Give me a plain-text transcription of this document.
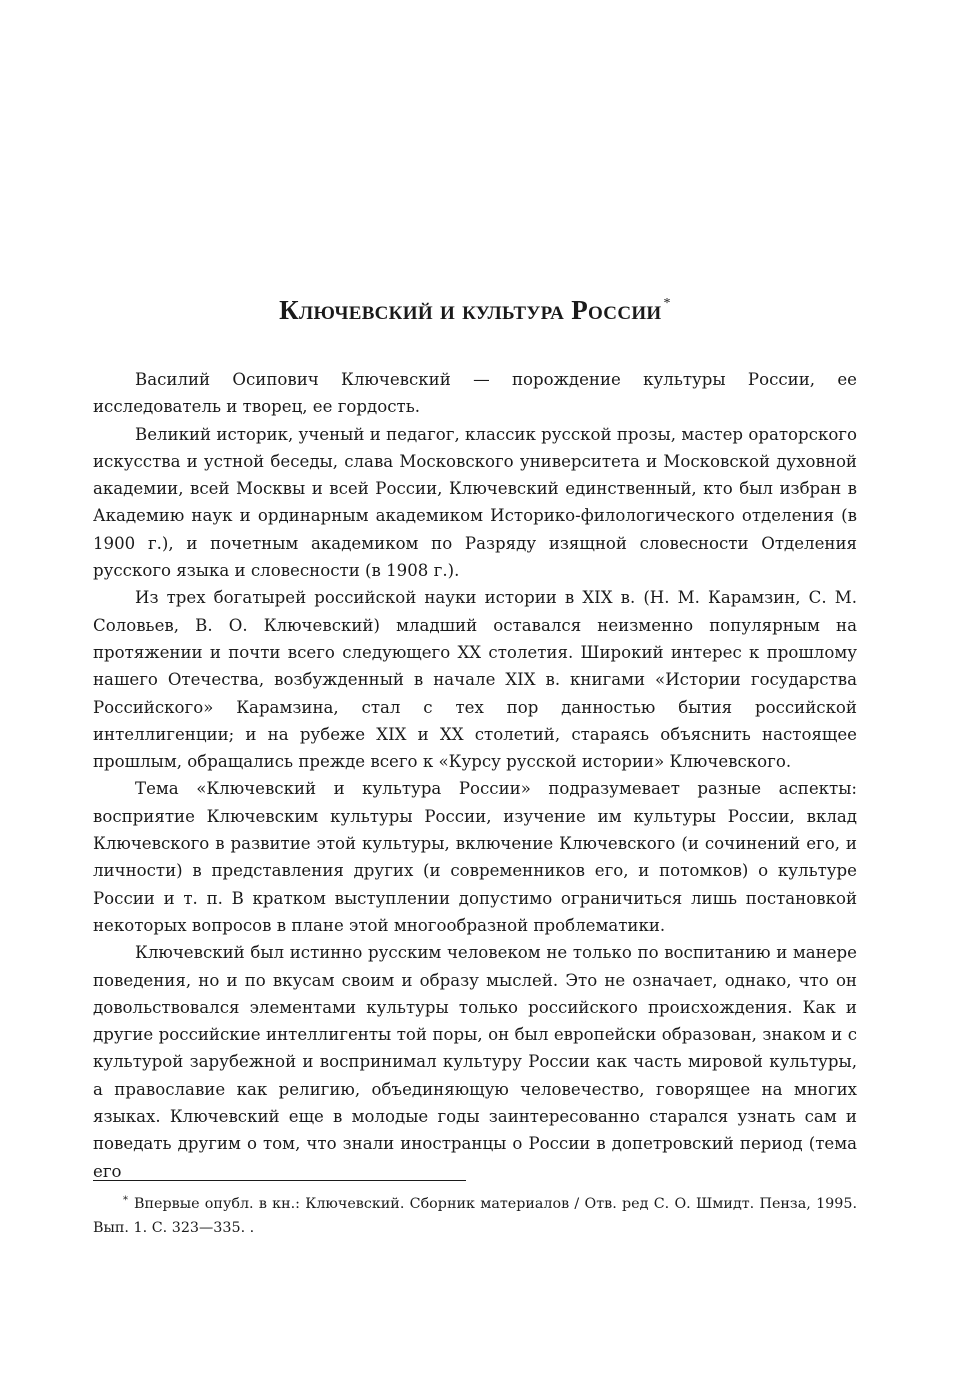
Ключевский и культура России *

Василий Осипович Ключевский — порождение культуры России, ее исследователь и творец, ее гордость.

Великий историк, ученый и педагог, классик русской прозы, мастер ораторского искусства и устной беседы, слава Московского университета и Московской духовной академии, всей Москвы и всей России, Ключевский единственный, кто был избран в Академию наук и ординарным академиком Историко-филологического отделения (в 1900 г.), и почетным академиком по Разряду изящной словесности Отделения русского языка и словесности (в 1908 г.).

Из трех богатырей российской науки истории в XIX в. (Н. М. Карамзин, С. М. Соловьев, В. О. Ключевский) младший оставался неизменно популярным на протяжении и почти всего следующего XX столетия. Широкий интерес к прошлому нашего Отечества, возбужденный в начале XIX в. книгами «Истории государства Российского» Карамзина, стал с тех пор данностью бытия российской интеллигенции; и на рубеже XIX и XX столетий, стараясь объяснить настоящее прошлым, обращались прежде всего к «Курсу русской истории» Ключевского.

Тема «Ключевский и культура России» подразумевает разные аспекты: восприятие Ключевским культуры России, изучение им культуры России, вклад Ключевского в развитие этой культуры, включение Ключевского (и сочинений его, и личности) в представления других (и современников его, и потомков) о культуре России и т. п. В кратком выступлении допустимо ограничиться лишь постановкой некоторых вопросов в плане этой многообразной проблематики.

Ключевский был истинно русским человеком не только по воспитанию и манере поведения, но и по вкусам своим и образу мыслей. Это не означает, однако, что он довольствовался элементами культуры только российского происхождения. Как и другие российские интеллигенты той поры, он был европейски образован, знаком и с культурой зарубежной и воспринимал культуру России как часть мировой культуры, а православие как религию, объединяющую человечество, говорящее на многих языках. Ключевский еще в молодые годы заинтересованно старался узнать сам и поведать другим о том, что знали иностранцы о России в допетровский период (тема его

* Впервые опубл. в кн.: Ключевский. Сборник материалов / Отв. ред С. О. Шмидт. Пенза, 1995. Вып. 1. С. 323—335. .
